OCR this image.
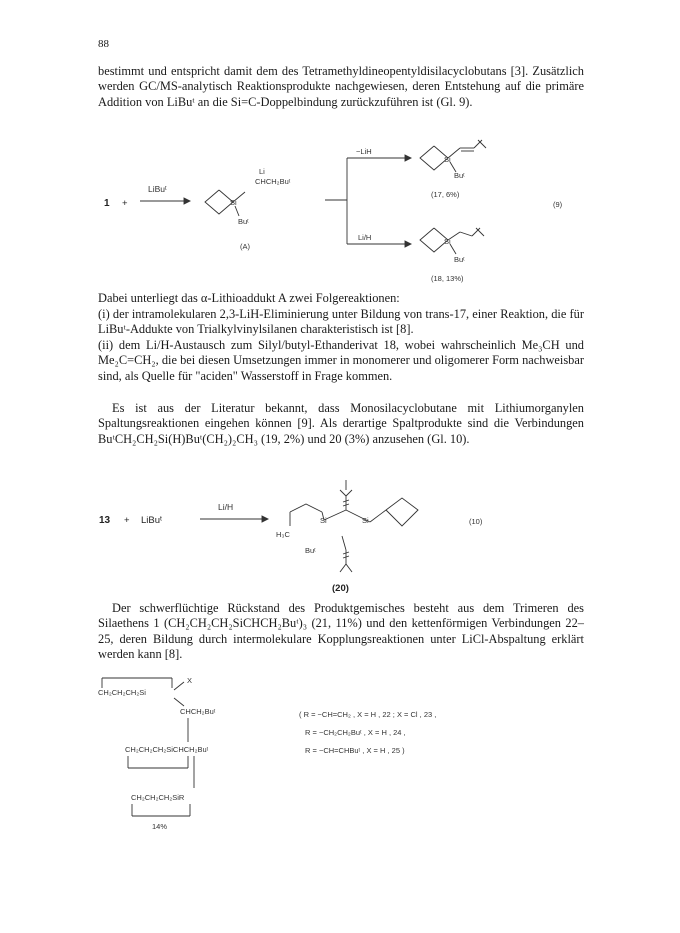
88
bestimmt und entspricht damit dem des Tetramethyldineopentyldisilacyclobutans [3]. Zusätzlich werden GC/MS-analytisch Reaktionsprodukte nachgewiesen, deren Entstehung auf die primäre Addition von LiBuᵗ an die Si=C-Doppelbindung zurückzuführen ist (Gl. 9).
1 +
LiBuᵗ
Li
CHCH₂Buᵗ
Si
Buᵗ
(A)
−LiH
Li/H
Si
Buᵗ
(17, 6%)
Si
Buᵗ
(18, 13%)
(9)
Dabei unterliegt das α-Lithioaddukt A zwei Folgereaktionen:
(i) der intramolekularen 2,3-LiH-Eliminierung unter Bildung von trans-17, einer Reaktion, die für LiBuᵗ-Addukte von Trialkylvinylsilanen charakteristisch ist [8].
(ii) dem Li/H-Austausch zum Silyl/butyl-Ethanderivat 18, wobei wahrscheinlich Me₃CH und Me₂C=CH₂, die bei diesen Umsetzungen immer in monomerer und oligomerer Form nachweisbar sind, als Quelle für "aciden" Wasserstoff in Frage kommen.
Es ist aus der Literatur bekannt, dass Monosilacyclobutane mit Lithiumorganylen Spaltungsreaktionen eingehen können [9]. Als derartige Spaltprodukte sind die Verbindungen BuᵗCH₂CH₂Si(H)Buᵗ(CH₂)₂CH₃ (19, 2%) und 20 (3%) anzusehen (Gl. 10).
13 + LiBuᵗ
Li/H
Si	Si
H₃C
Buᵗ
(20)
(10)
Der schwerflüchtige Rückstand des Produktgemisches besteht aus dem Trimeren des Silaethens 1 (CH₂CH₂CH₂SiCHCH₂Buᵗ)₃ (21, 11%) und den kettenförmigen Verbindungen 22–25, deren Bildung durch intermolekulare Kopplungsreaktionen unter LiCl-Abspaltung erklärt werden kann [8].
X
CH₂CH₂CH₂Si
CHCH₂Buᵗ
CH₂CH₂CH₂SiCHCH₂Buᵗ
CH₂CH₂CH₂SiR
14%
( R = −CH=CH₂ , X = H , 22 ; X = Cl , 23 ,
R = −CH₂CH₂Buᵗ , X = H , 24 ,
R = −CH=CHBuᵗ , X = H , 25 )
